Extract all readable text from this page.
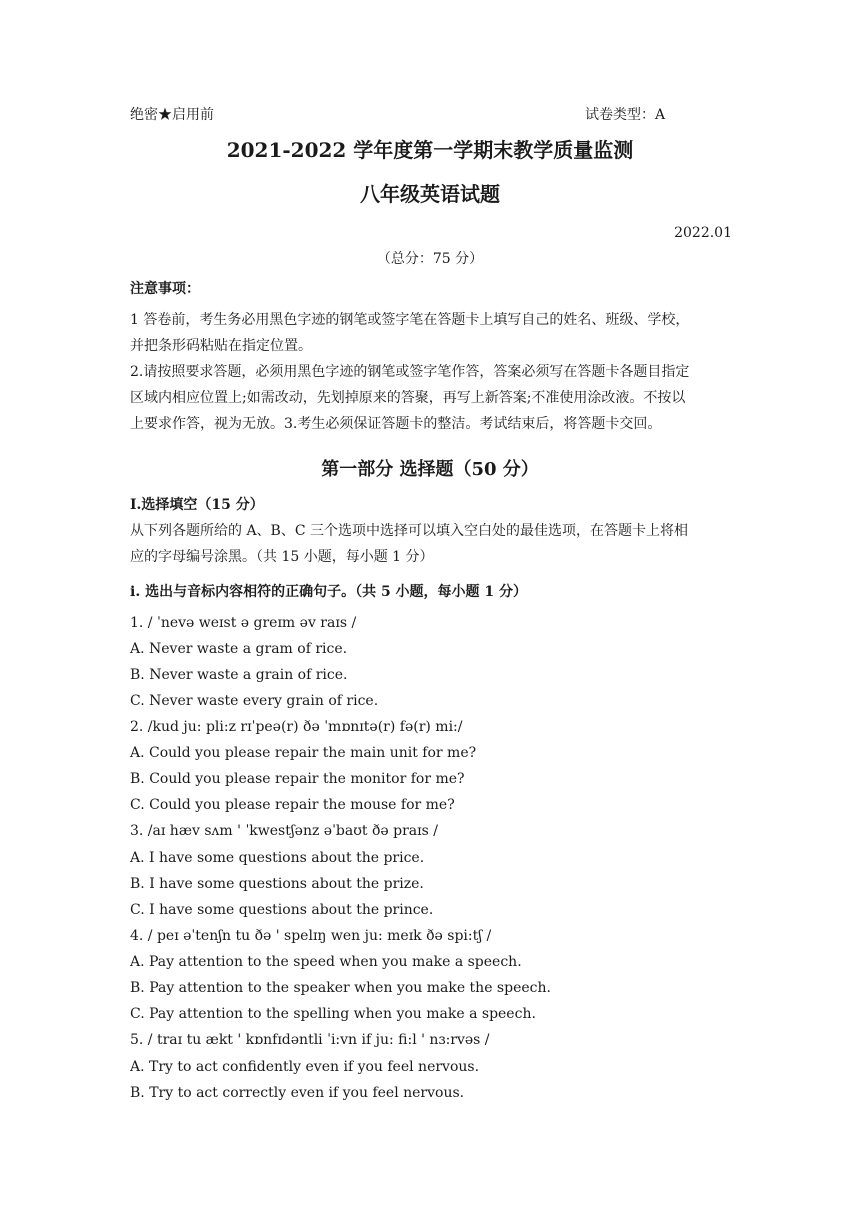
绝密★启用前	试卷类型：A
2021-2022 学年度第一学期末教学质量监测
八年级英语试题
2022.01
（总分：75 分）
注意事项：
1 答卷前，考生务必用黑色字迹的钢笔或签字笔在答题卡上填写自己的姓名、班级、学校，
并把条形码粘贴在指定位置。
2.请按照要求答题，必须用黑色字迹的钢笔或签字笔作答，答案必须写在答题卡各题目指定
区域内相应位置上;如需改动，先划掉原来的答聚，再写上新答案;不准使用涂改液。不按以
上要求作答，视为无放。3.考生必须保证答题卡的整洁。考试结束后，将答题卡交回。
第一部分 选择题（50 分）
I.选择填空（15 分）
从下列各题所给的 A、B、C 三个选项中选择可以填入空白处的最佳选项，在答题卡上将相
应的字母编号涂黑。（共 15 小题，每小题 1 分）
i. 选出与音标内容相符的正确句子。（共 5 小题，每小题 1 分）
1. / ˈnevə weɪst ə greɪm əv raɪs /
A. Never waste a gram of rice.
B. Never waste a grain of rice.
C. Never waste every grain of rice.
2. /kud ju: pli:z rɪˈpeə(r) ðə ˈmɒnɪtə(r) fə(r) mi:/
A. Could you please repair the main unit for me?
B. Could you please repair the monitor for me?
C. Could you please repair the mouse for me?
3. /aɪ hæv sʌm ' ˈkwestʃənz əˈbaʊt ðə praɪs /
A. I have some questions about the price.
B. I have some questions about the prize.
C. I have some questions about the prince.
4. / peɪ əˈtenʃn tu ðə ' spelɪŋ wen ju: meɪk ðə spi:tʃ /
A. Pay attention to the speed when you make a speech.
B. Pay attention to the speaker when you make the speech.
C. Pay attention to the spelling when you make a speech.
5. / traɪ tu ækt ' kɒnfɪdəntli ˈi:vn if ju: fi:l ' nɜ:rvəs /
A. Try to act confidently even if you feel nervous.
B. Try to act correctly even if you feel nervous.
